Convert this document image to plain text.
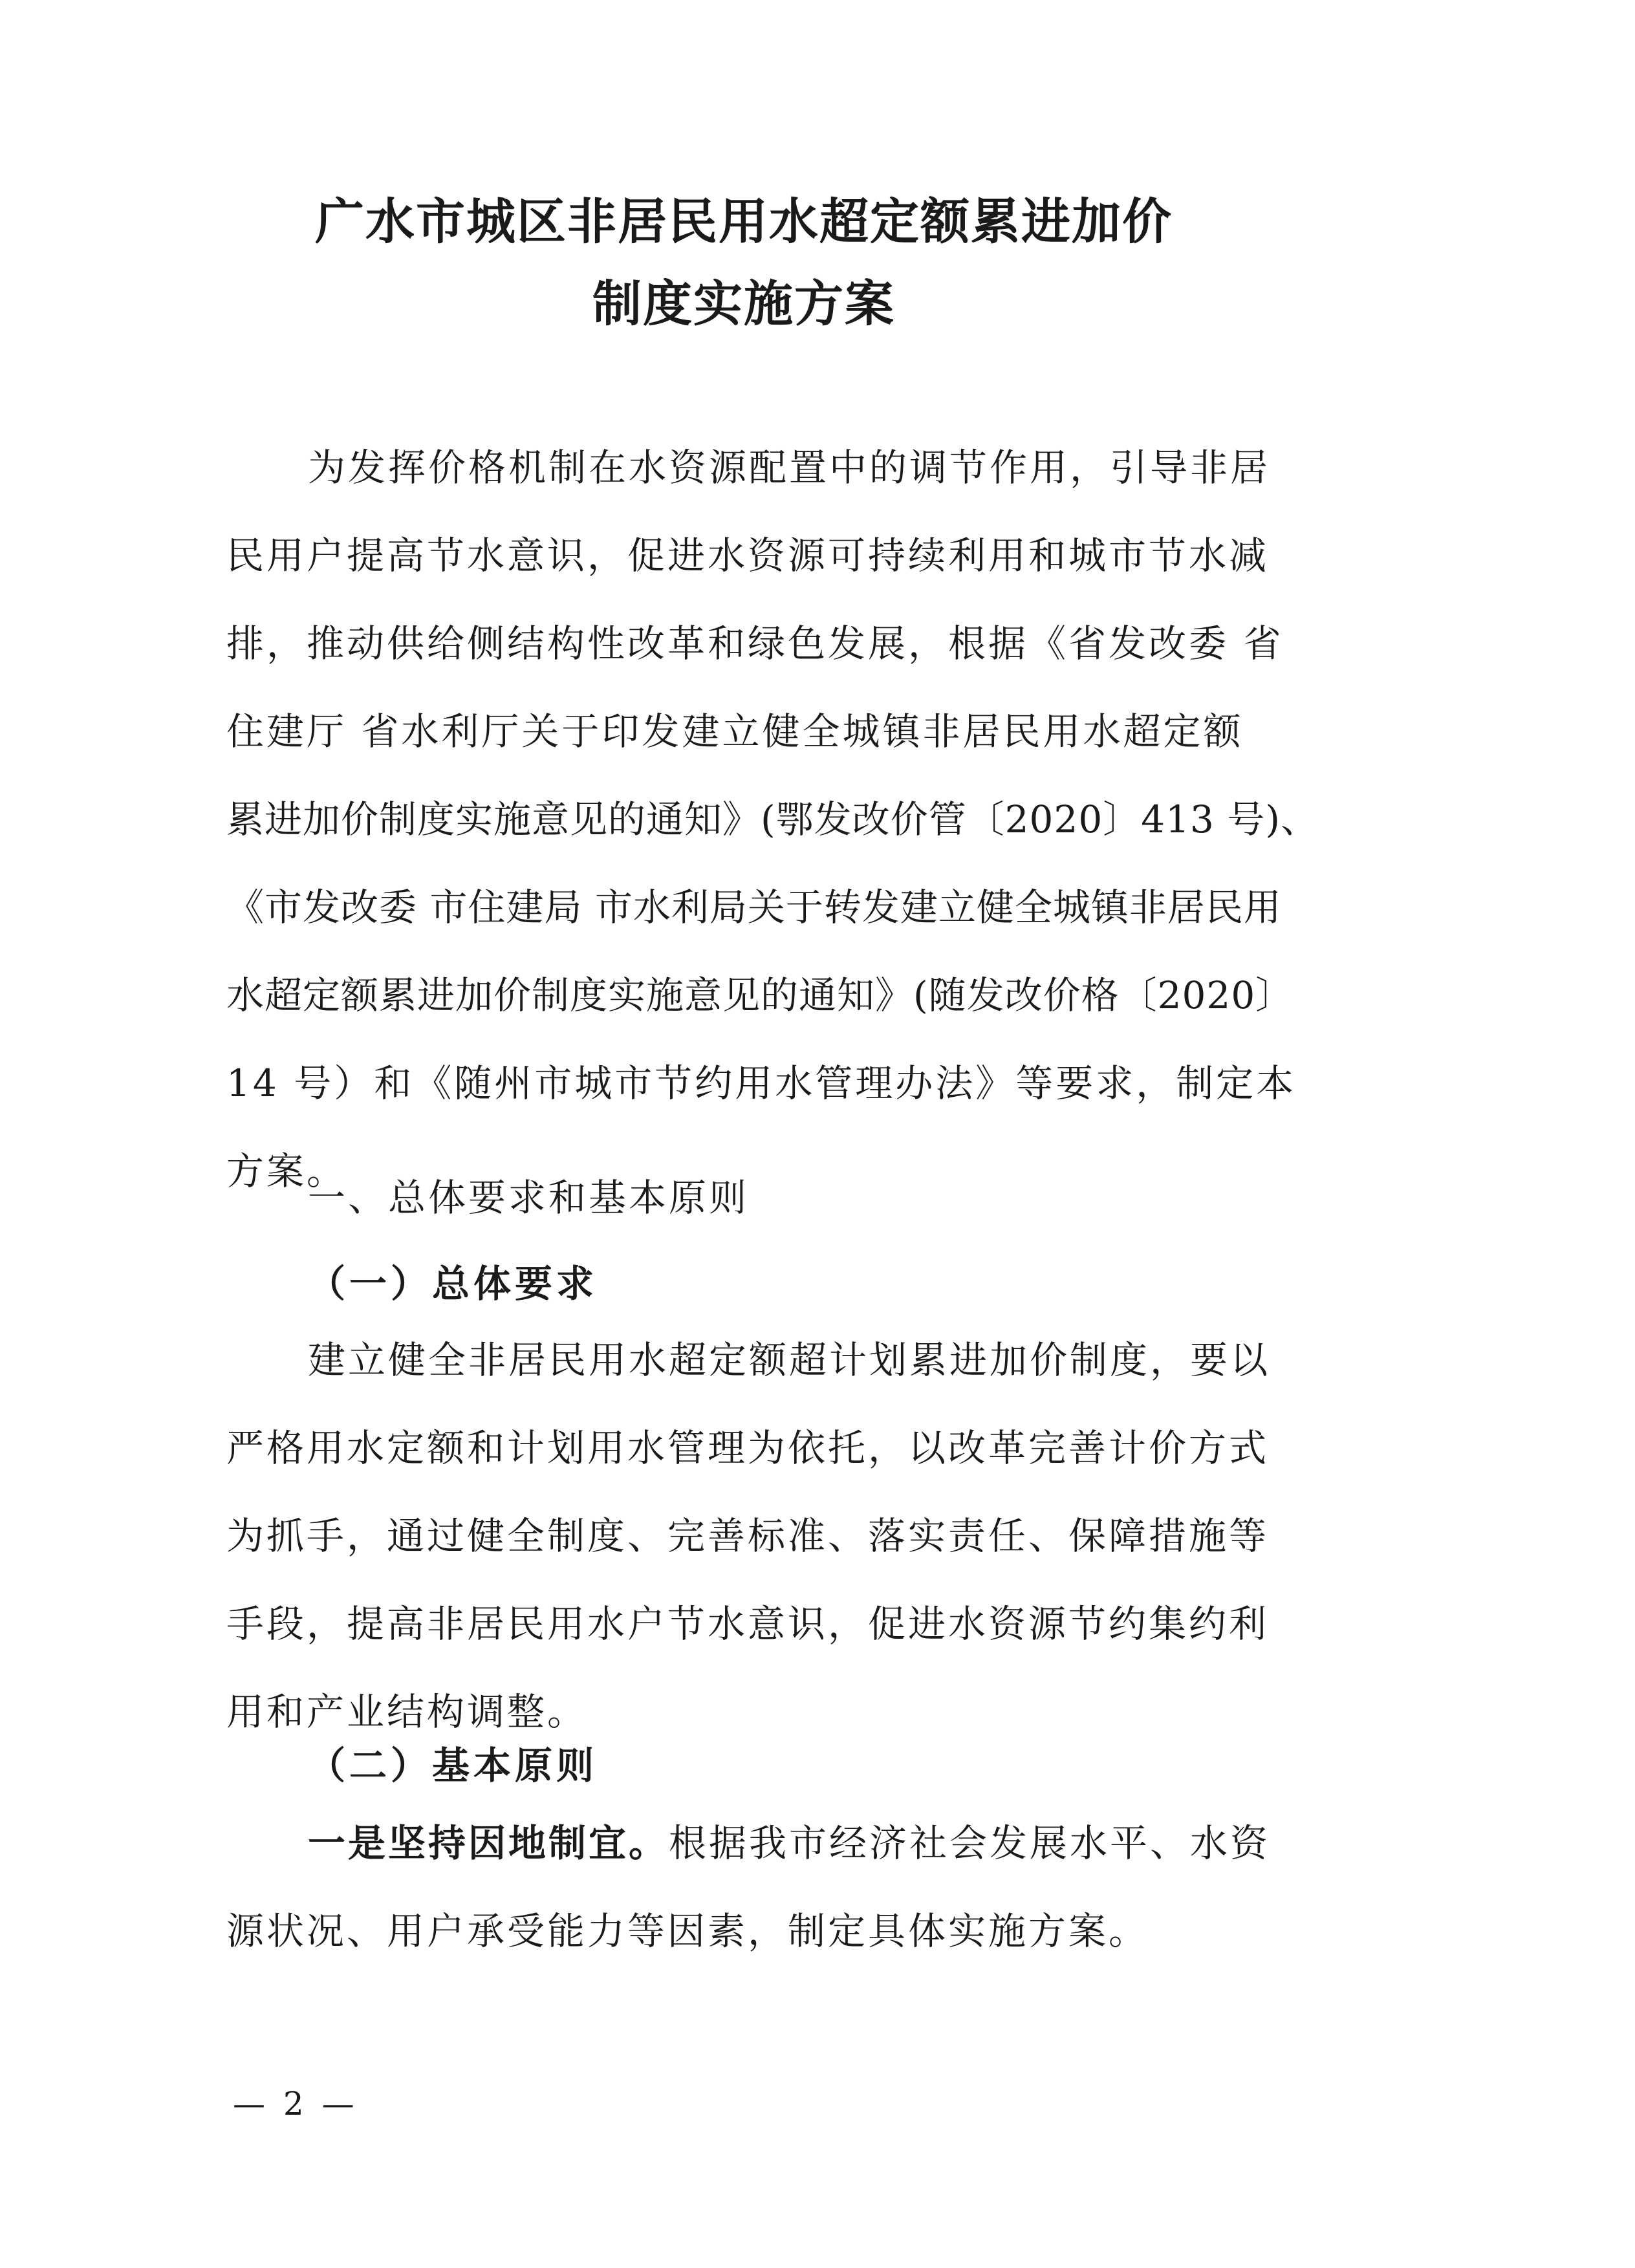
广水市城区非居民用水超定额累进加价
制度实施方案
为发挥价格机制在水资源配置中的调节作用，引导非居
民用户提高节水意识，促进水资源可持续利用和城市节水减
排，推动供给侧结构性改革和绿色发展，根据《省发改委 省
住建厅 省水利厅关于印发建立健全城镇非居民用水超定额
累进加价制度实施意见的通知》(鄂发改价管〔2020〕413 号)、
《市发改委 市住建局 市水利局关于转发建立健全城镇非居民用
水超定额累进加价制度实施意见的通知》(随发改价格〔2020〕
14 号）和《随州市城市节约用水管理办法》等要求，制定本
方案。
一、总体要求和基本原则
（一）总体要求
建立健全非居民用水超定额超计划累进加价制度，要以
严格用水定额和计划用水管理为依托，以改革完善计价方式
为抓手，通过健全制度、完善标准、落实责任、保障措施等
手段，提高非居民用水户节水意识，促进水资源节约集约利
用和产业结构调整。
（二）基本原则
一是坚持因地制宜。根据我市经济社会发展水平、水资
源状况、用户承受能力等因素，制定具体实施方案。
— 2 —
